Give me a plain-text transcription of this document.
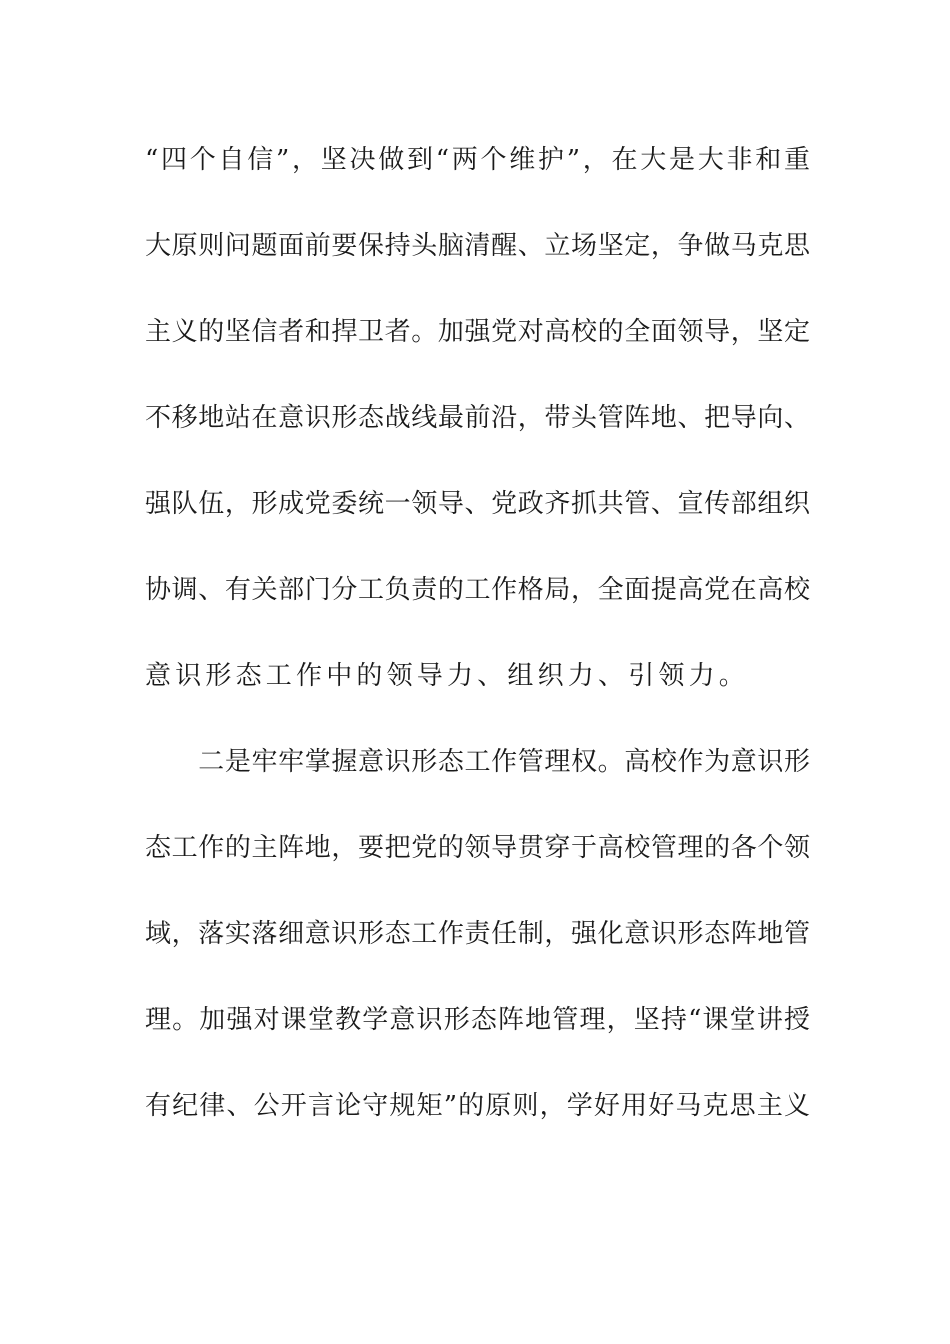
“四个自信”，坚决做到“两个维护”，在大是大非和重
大原则问题面前要保持头脑清醒、立场坚定，争做马克思
主义的坚信者和捍卫者。加强党对高校的全面领导，坚定
不移地站在意识形态战线最前沿，带头管阵地、把导向、
强队伍，形成党委统一领导、党政齐抓共管、宣传部组织
协调、有关部门分工负责的工作格局，全面提高党在高校
意识形态工作中的领导力、组织力、引领力。
　　二是牢牢掌握意识形态工作管理权。高校作为意识形
态工作的主阵地，要把党的领导贯穿于高校管理的各个领
域，落实落细意识形态工作责任制，强化意识形态阵地管
理。加强对课堂教学意识形态阵地管理，坚持“课堂讲授
有纪律、公开言论守规矩”的原则，学好用好马克思主义
